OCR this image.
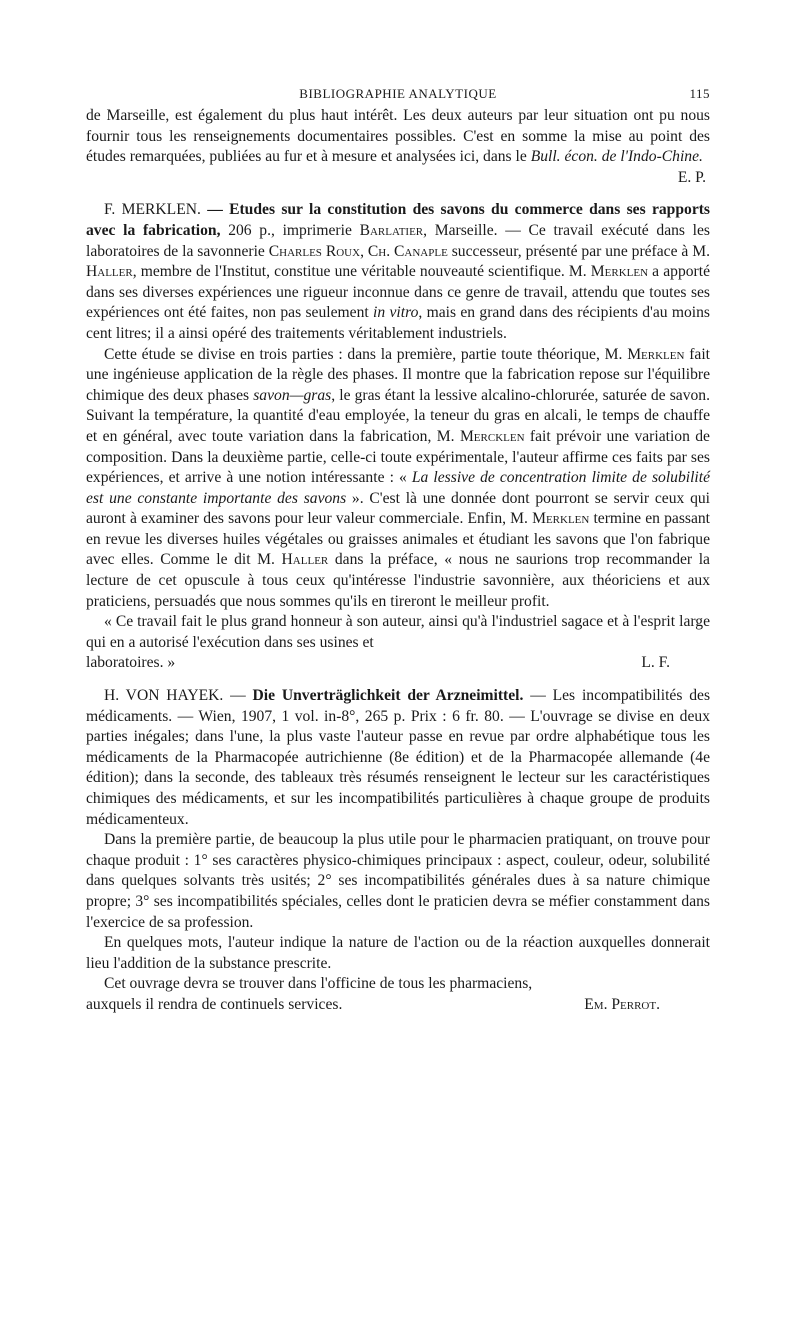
BIBLIOGRAPHIE ANALYTIQUE	115

de Marseille, est également du plus haut intérêt. Les deux auteurs par leur situation ont pu nous fournir tous les renseignements documentaires possibles. C'est en somme la mise au point des études remarquées, publiées au fur et à mesure et analysées ici, dans le Bull. écon. de l'Indo-Chine.

E. P.

F. MERKLEN. — Etudes sur la constitution des savons du commerce dans ses rapports avec la fabrication, 206 p., imprimerie Barlatier, Marseille. — Ce travail exécuté dans les laboratoires de la savonnerie Charles Roux, Ch. Canaple successeur, présenté par une préface à M. Haller, membre de l'Institut, constitue une véritable nouveauté scientifique. M. Merklen a apporté dans ses diverses expériences une rigueur inconnue dans ce genre de travail, attendu que toutes ses expériences ont été faites, non pas seulement in vitro, mais en grand dans des récipients d'au moins cent litres; il a ainsi opéré des traitements véritablement industriels.

Cette étude se divise en trois parties : dans la première, partie toute théorique, M. Merklen fait une ingénieuse application de la règle des phases. Il montre que la fabrication repose sur l'équilibre chimique des deux phases savon—gras, le gras étant la lessive alcalino-chlorurée, saturée de savon. Suivant la température, la quantité d'eau employée, la teneur du gras en alcali, le temps de chauffe et en général, avec toute variation dans la fabrication, M. Mercklen fait prévoir une variation de composition. Dans la deuxième partie, celle-ci toute expérimentale, l'auteur affirme ces faits par ses expériences, et arrive à une notion intéressante : « La lessive de concentration limite de solubilité est une constante importante des savons ». C'est là une donnée dont pourront se servir ceux qui auront à examiner des savons pour leur valeur commerciale. Enfin, M. Merklen termine en passant en revue les diverses huiles végétales ou graisses animales et étudiant les savons que l'on fabrique avec elles. Comme le dit M. Haller dans la préface, « nous ne saurions trop recommander la lecture de cet opuscule à tous ceux qu'intéresse l'industrie savonnière, aux théoriciens et aux praticiens, persuadés que nous sommes qu'ils en tireront le meilleur profit.

« Ce travail fait le plus grand honneur à son auteur, ainsi qu'à l'industriel sagace et à l'esprit large qui en a autorisé l'exécution dans ses usines et

laboratoires. »	L. F.

H. VON HAYEK. — Die Unverträglichkeit der Arzneimittel. — Les incompatibilités des médicaments. — Wien, 1907, 1 vol. in-8°, 265 p. Prix : 6 fr. 80. — L'ouvrage se divise en deux parties inégales; dans l'une, la plus vaste l'auteur passe en revue par ordre alphabétique tous les médicaments de la Pharmacopée autrichienne (8e édition) et de la Pharmacopée allemande (4e édition); dans la seconde, des tableaux très résumés renseignent le lecteur sur les caractéristiques chimiques des médicaments, et sur les incompatibilités particulières à chaque groupe de produits médicamenteux.

Dans la première partie, de beaucoup la plus utile pour le pharmacien pratiquant, on trouve pour chaque produit : 1° ses caractères physico-chimiques principaux : aspect, couleur, odeur, solubilité dans quelques solvants très usités; 2° ses incompatibilités générales dues à sa nature chimique propre; 3° ses incompatibilités spéciales, celles dont le praticien devra se méfier constamment dans l'exercice de sa profession.

En quelques mots, l'auteur indique la nature de l'action ou de la réaction auxquelles donnerait lieu l'addition de la substance prescrite.

Cet ouvrage devra se trouver dans l'officine de tous les pharmaciens,

auxquels il rendra de continuels services.	Em. Perrot.
